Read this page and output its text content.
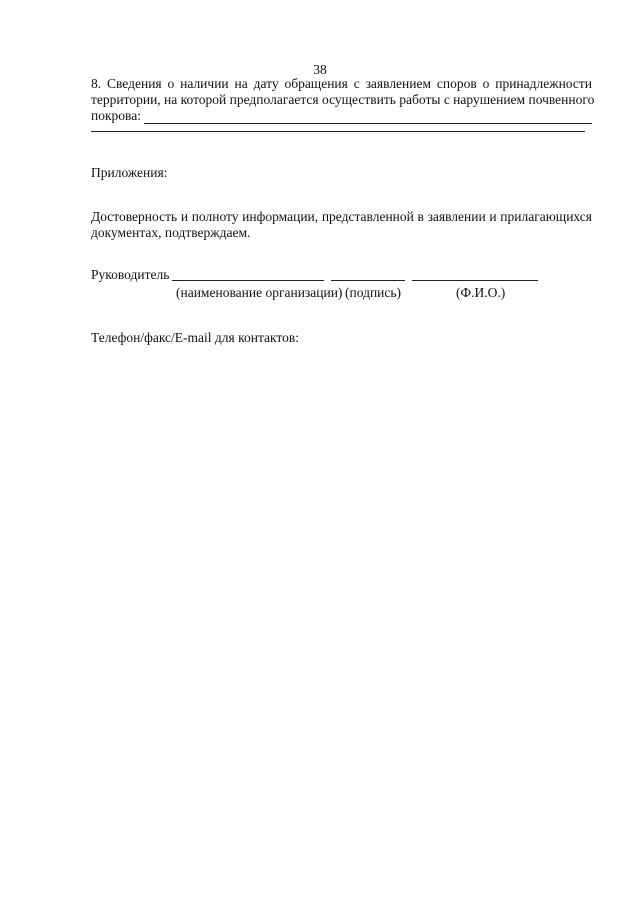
38
8. Сведения о наличии на дату обращения с заявлением споров о принадлежности
территории, на которой предполагается осуществить работы с нарушением почвенного
покрова:
Приложения:
Достоверность и полноту информации, представленной в заявлении и прилагающихся
документах, подтверждаем.
Руководитель
(наименование организации) (подпись)	(Ф.И.О.)
Телефон/факс/E-mail для контактов:
